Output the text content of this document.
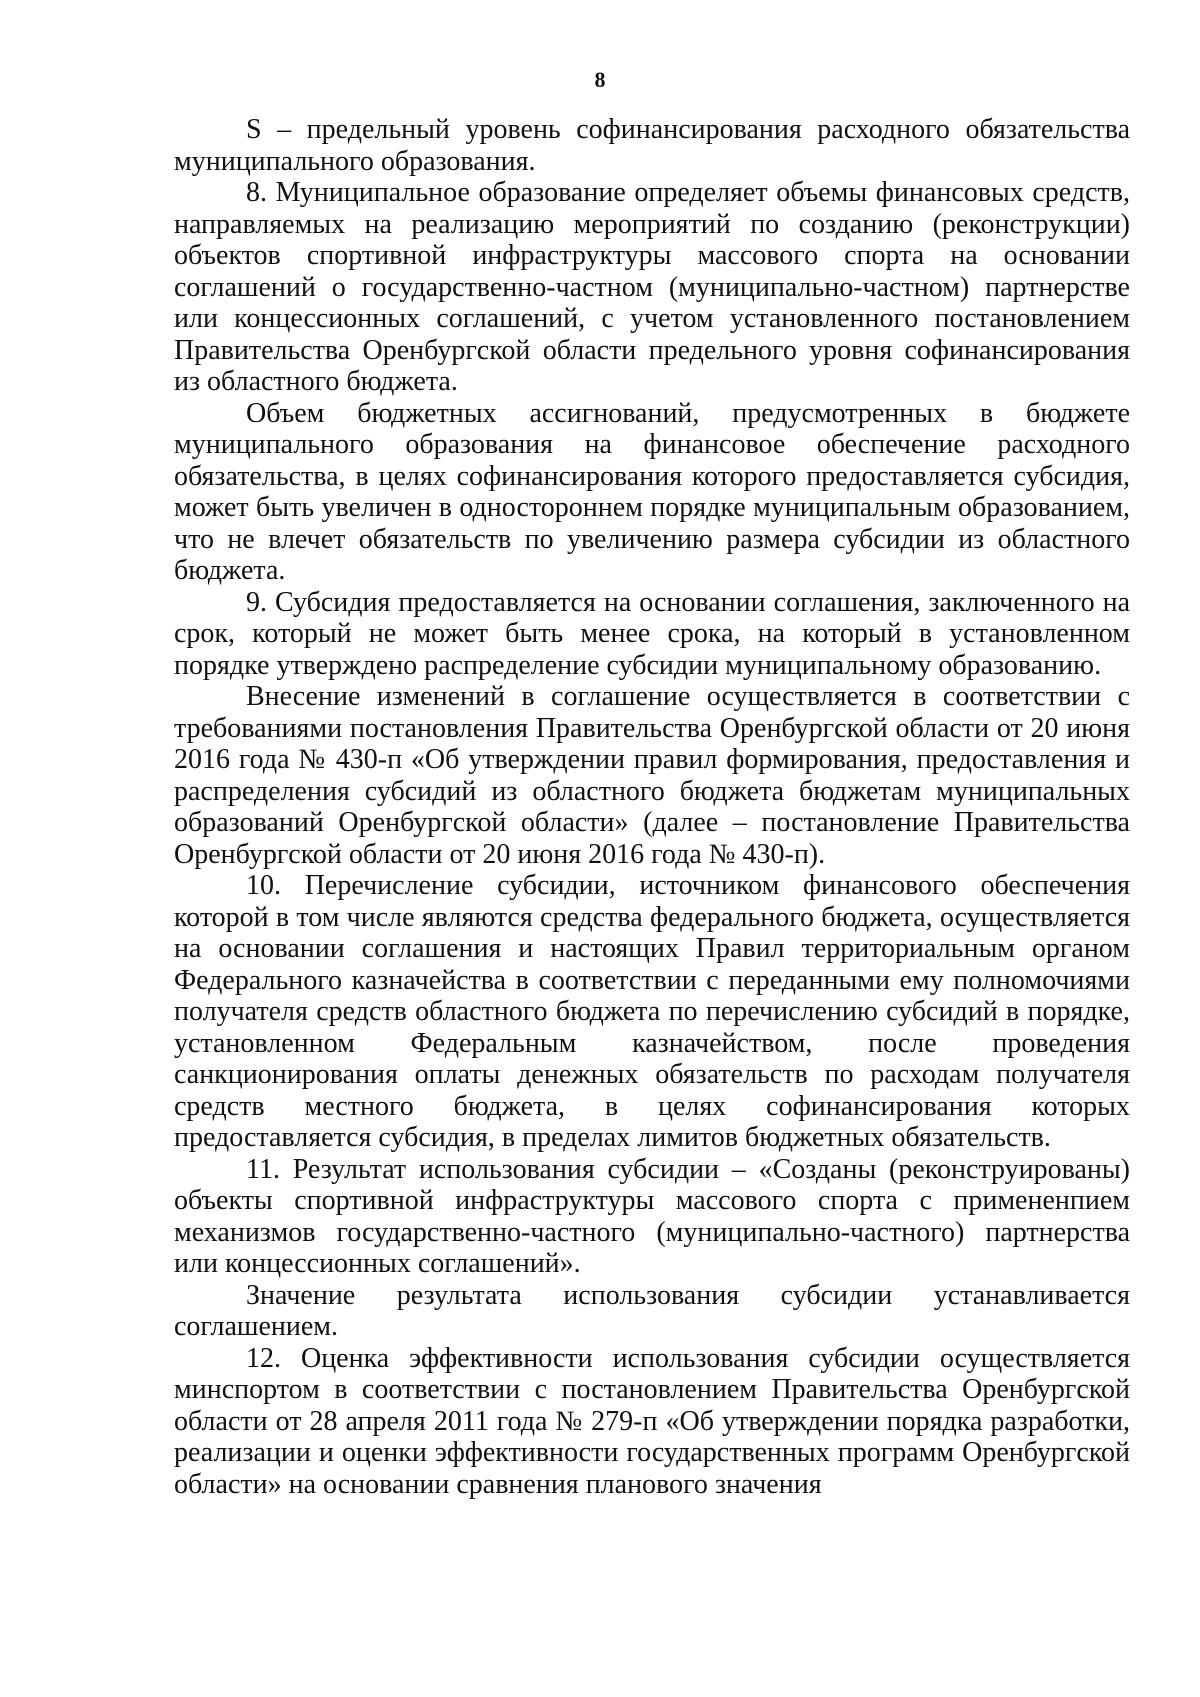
8

S – предельный уровень софинансирования расходного обязательства муниципального образования.

8. Муниципальное образование определяет объемы финансовых средств, направляемых на реализацию мероприятий по созданию (реконструкции) объектов спортивной инфраструктуры массового спорта на основании соглашений о государственно-частном (муниципально-частном) партнерстве или концессионных соглашений, с учетом установленного постановлением Правительства Оренбургской области предельного уровня софинансирования из областного бюджета.

Объем бюджетных ассигнований, предусмотренных в бюджете муниципального образования на финансовое обеспечение расходного обязательства, в целях софинансирования которого предоставляется субсидия, может быть увеличен в одностороннем порядке муниципальным образованием, что не влечет обязательств по увеличению размера субсидии из областного бюджета.

9. Субсидия предоставляется на основании соглашения, заключенного на срок, который не может быть менее срока, на который в установленном порядке утверждено распределение субсидии муниципальному образованию.

Внесение изменений в соглашение осуществляется в соответствии с требованиями постановления Правительства Оренбургской области от 20 июня 2016 года № 430-п «Об утверждении правил формирования, предоставления и распределения субсидий из областного бюджета бюджетам муниципальных образований Оренбургской области» (далее – постановление Правительства Оренбургской области от 20 июня 2016 года № 430-п).

10. Перечисление субсидии, источником финансового обеспечения которой в том числе являются средства федерального бюджета, осуществляется на основании соглашения и настоящих Правил территориальным органом Федерального казначейства в соответствии с переданными ему полномочиями получателя средств областного бюджета по перечислению субсидий в порядке, установленном Федеральным казначейством, после проведения санкционирования оплаты денежных обязательств по расходам получателя средств местного бюджета, в целях софинансирования которых предоставляется субсидия, в пределах лимитов бюджетных обязательств.

11. Результат использования субсидии – «Созданы (реконструированы) объекты спортивной инфраструктуры массового спорта с примененпием механизмов государственно-частного (муниципально-частного) партнерства или концессионных соглашений».

Значение результата использования субсидии устанавливается соглашением.

12. Оценка эффективности использования субсидии осуществляется минспортом в соответствии с постановлением Правительства Оренбургской области от 28 апреля 2011 года № 279-п «Об утверждении порядка разработки, реализации и оценки эффективности государственных программ Оренбургской области» на основании сравнения планового значения
